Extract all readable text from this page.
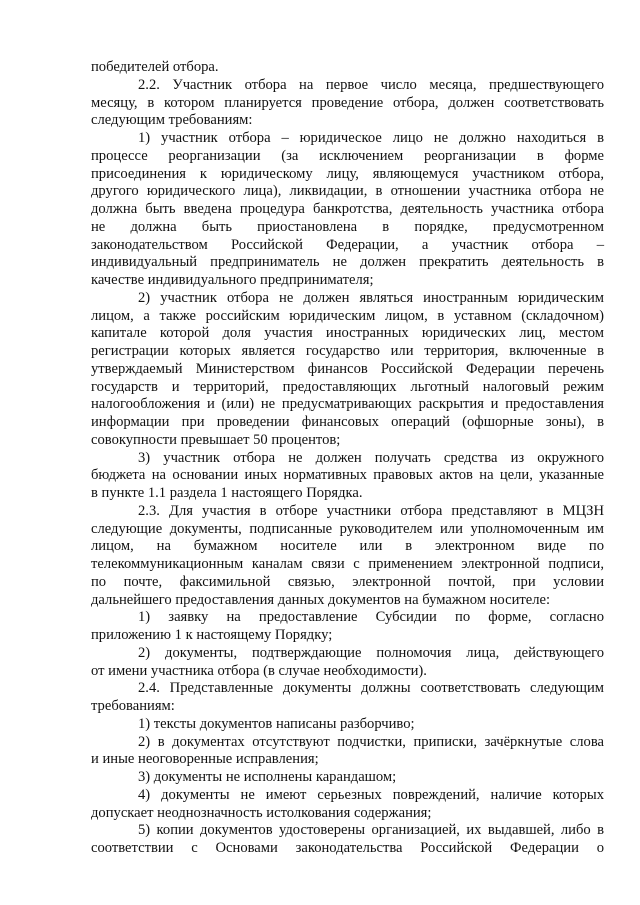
победителей отбора.
2.2. Участник отбора на первое число месяца, предшествующего
месяцу, в котором планируется проведение отбора, должен соответствовать
следующим требованиям:
1) участник отбора – юридическое лицо не должно находиться в
процессе реорганизации (за исключением реорганизации в форме
присоединения к юридическому лицу, являющемуся участником отбора,
другого юридического лица), ликвидации, в отношении участника отбора не
должна быть введена процедура банкротства, деятельность участника отбора
не должна быть приостановлена в порядке, предусмотренном
законодательством Российской Федерации, а участник отбора –
индивидуальный предприниматель не должен прекратить деятельность в
качестве индивидуального предпринимателя;
2) участник отбора не должен являться иностранным юридическим
лицом, а также российским юридическим лицом, в уставном (складочном)
капитале которой доля участия иностранных юридических лиц, местом
регистрации которых является государство или территория, включенные в
утверждаемый Министерством финансов Российской Федерации перечень
государств и территорий, предоставляющих льготный налоговый режим
налогообложения и (или) не предусматривающих раскрытия и предоставления
информации при проведении финансовых операций (офшорные зоны), в
совокупности превышает 50 процентов;
3) участник отбора не должен получать средства из окружного
бюджета на основании иных нормативных правовых актов на цели, указанные
в пункте 1.1 раздела 1 настоящего Порядка.
2.3. Для участия в отборе участники отбора представляют в МЦЗН
следующие документы, подписанные руководителем или уполномоченным им
лицом, на бумажном носителе или в электронном виде по
телекоммуникационным каналам связи с применением электронной подписи,
по почте, факсимильной связью, электронной почтой, при условии
дальнейшего предоставления данных документов на бумажном носителе:
1) заявку на предоставление Субсидии по форме, согласно
приложению 1 к настоящему Порядку;
2) документы, подтверждающие полномочия лица, действующего
от имени участника отбора (в случае необходимости).
2.4. Представленные документы должны соответствовать следующим
требованиям:
1) тексты документов написаны разборчиво;
2) в документах отсутствуют подчистки, приписки, зачёркнутые слова
и иные неоговоренные исправления;
3) документы не исполнены карандашом;
4) документы не имеют серьезных повреждений, наличие которых
допускает неоднозначность истолкования содержания;
5) копии документов удостоверены организацией, их выдавшей, либо в
соответствии с Основами законодательства Российской Федерации о
